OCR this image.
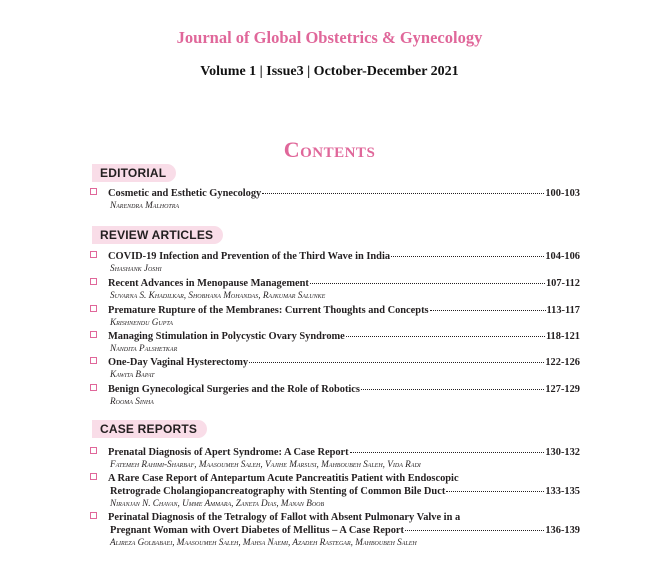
Journal of Global Obstetrics & Gynecology
Volume 1 | Issue3 | October-December 2021
Contents
EDITORIAL
Cosmetic and Esthetic Gynecology	100-103
Narendra Malhotra
REVIEW ARTICLES
COVID-19 Infection and Prevention of the Third Wave in India	104-106
Shashank Joshi
Recent Advances in Menopause Management	107-112
Suvarna S. Khadilkar, Shobhana Mohandas, Rajkumar Salunke
Premature Rupture of the Membranes: Current Thoughts and Concepts	113-117
Krishnendu Gupta
Managing Stimulation in Polycystic Ovary Syndrome	118-121
Nandita Palshetkar
One-Day Vaginal Hysterectomy	122-126
Kawita Bapat
Benign Gynecological Surgeries and the Role of Robotics	127-129
Rooma Sinha
CASE REPORTS
Prenatal Diagnosis of Apert Syndrome: A Case Report	130-132
Fatemeh Rahimi-Sharbaf, Maasoumeh Saleh, Vajihe Marsusi, Mahboubeh Saleh, Vida Radi
A Rare Case Report of Antepartum Acute Pancreatitis Patient with Endoscopic
Retrograde Cholangiopancreatography with Stenting of Common Bile Duct	133-135
Niranjan N. Chavan, Umme Ammara, Zaneta Dias, Manan Boob
Perinatal Diagnosis of the Tetralogy of Fallot with Absent Pulmonary Valve in a
Pregnant Woman with Overt Diabetes of Mellitus – A Case Report	136-139
Alireza Golbabaei, Maasoumeh Saleh, Mahsa Naemi, Azadeh Rastegar, Mahboubeh Saleh
